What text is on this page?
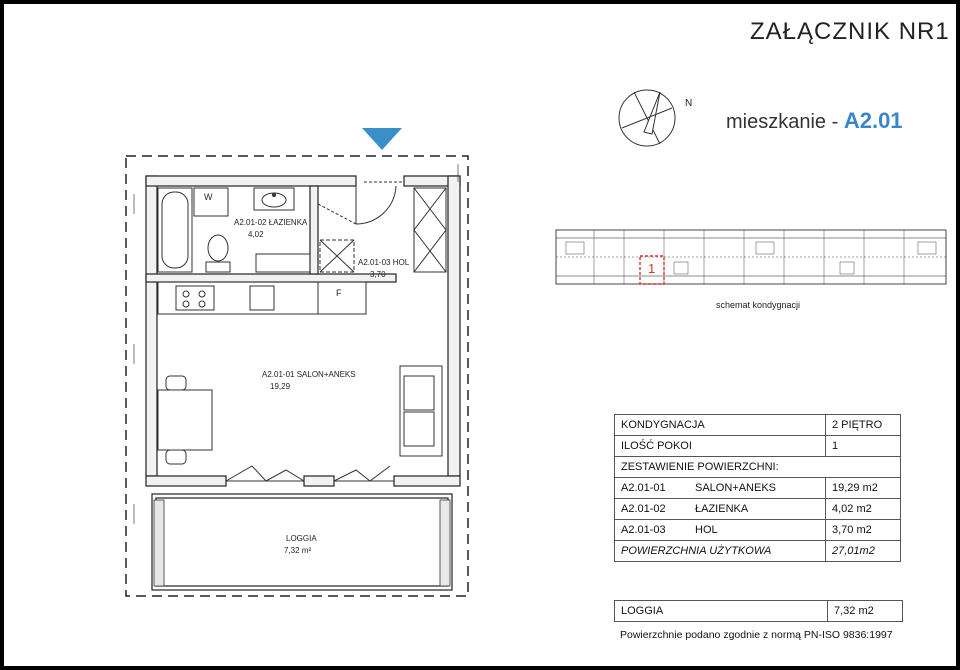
ZAŁĄCZNIK NR1
mieszkanie - A2.01
N
A2.01-02 ŁAZIENKA
4,02
A2.01-03 HOL
3,70
A2.01-01 SALON+ANEKS
19,29
LOGGIA
7,32 m²
W
F
1
schemat kondygnacji
KONDYGNACJA		2 PIĘTRO
ILOŚĆ POKOI		1
ZESTAWIENIE POWIERZCHNI:		
A2.01-01	SALON+ANEKS	19,29 m2
A2.01-02	ŁAZIENKA	4,02 m2
A2.01-03	HOL	3,70 m2
POWIERZCHNIA UŻYTKOWA		27,01m2
LOGGIA	7,32 m2
Powierzchnie podano zgodnie z normą PN-ISO 9836:1997
